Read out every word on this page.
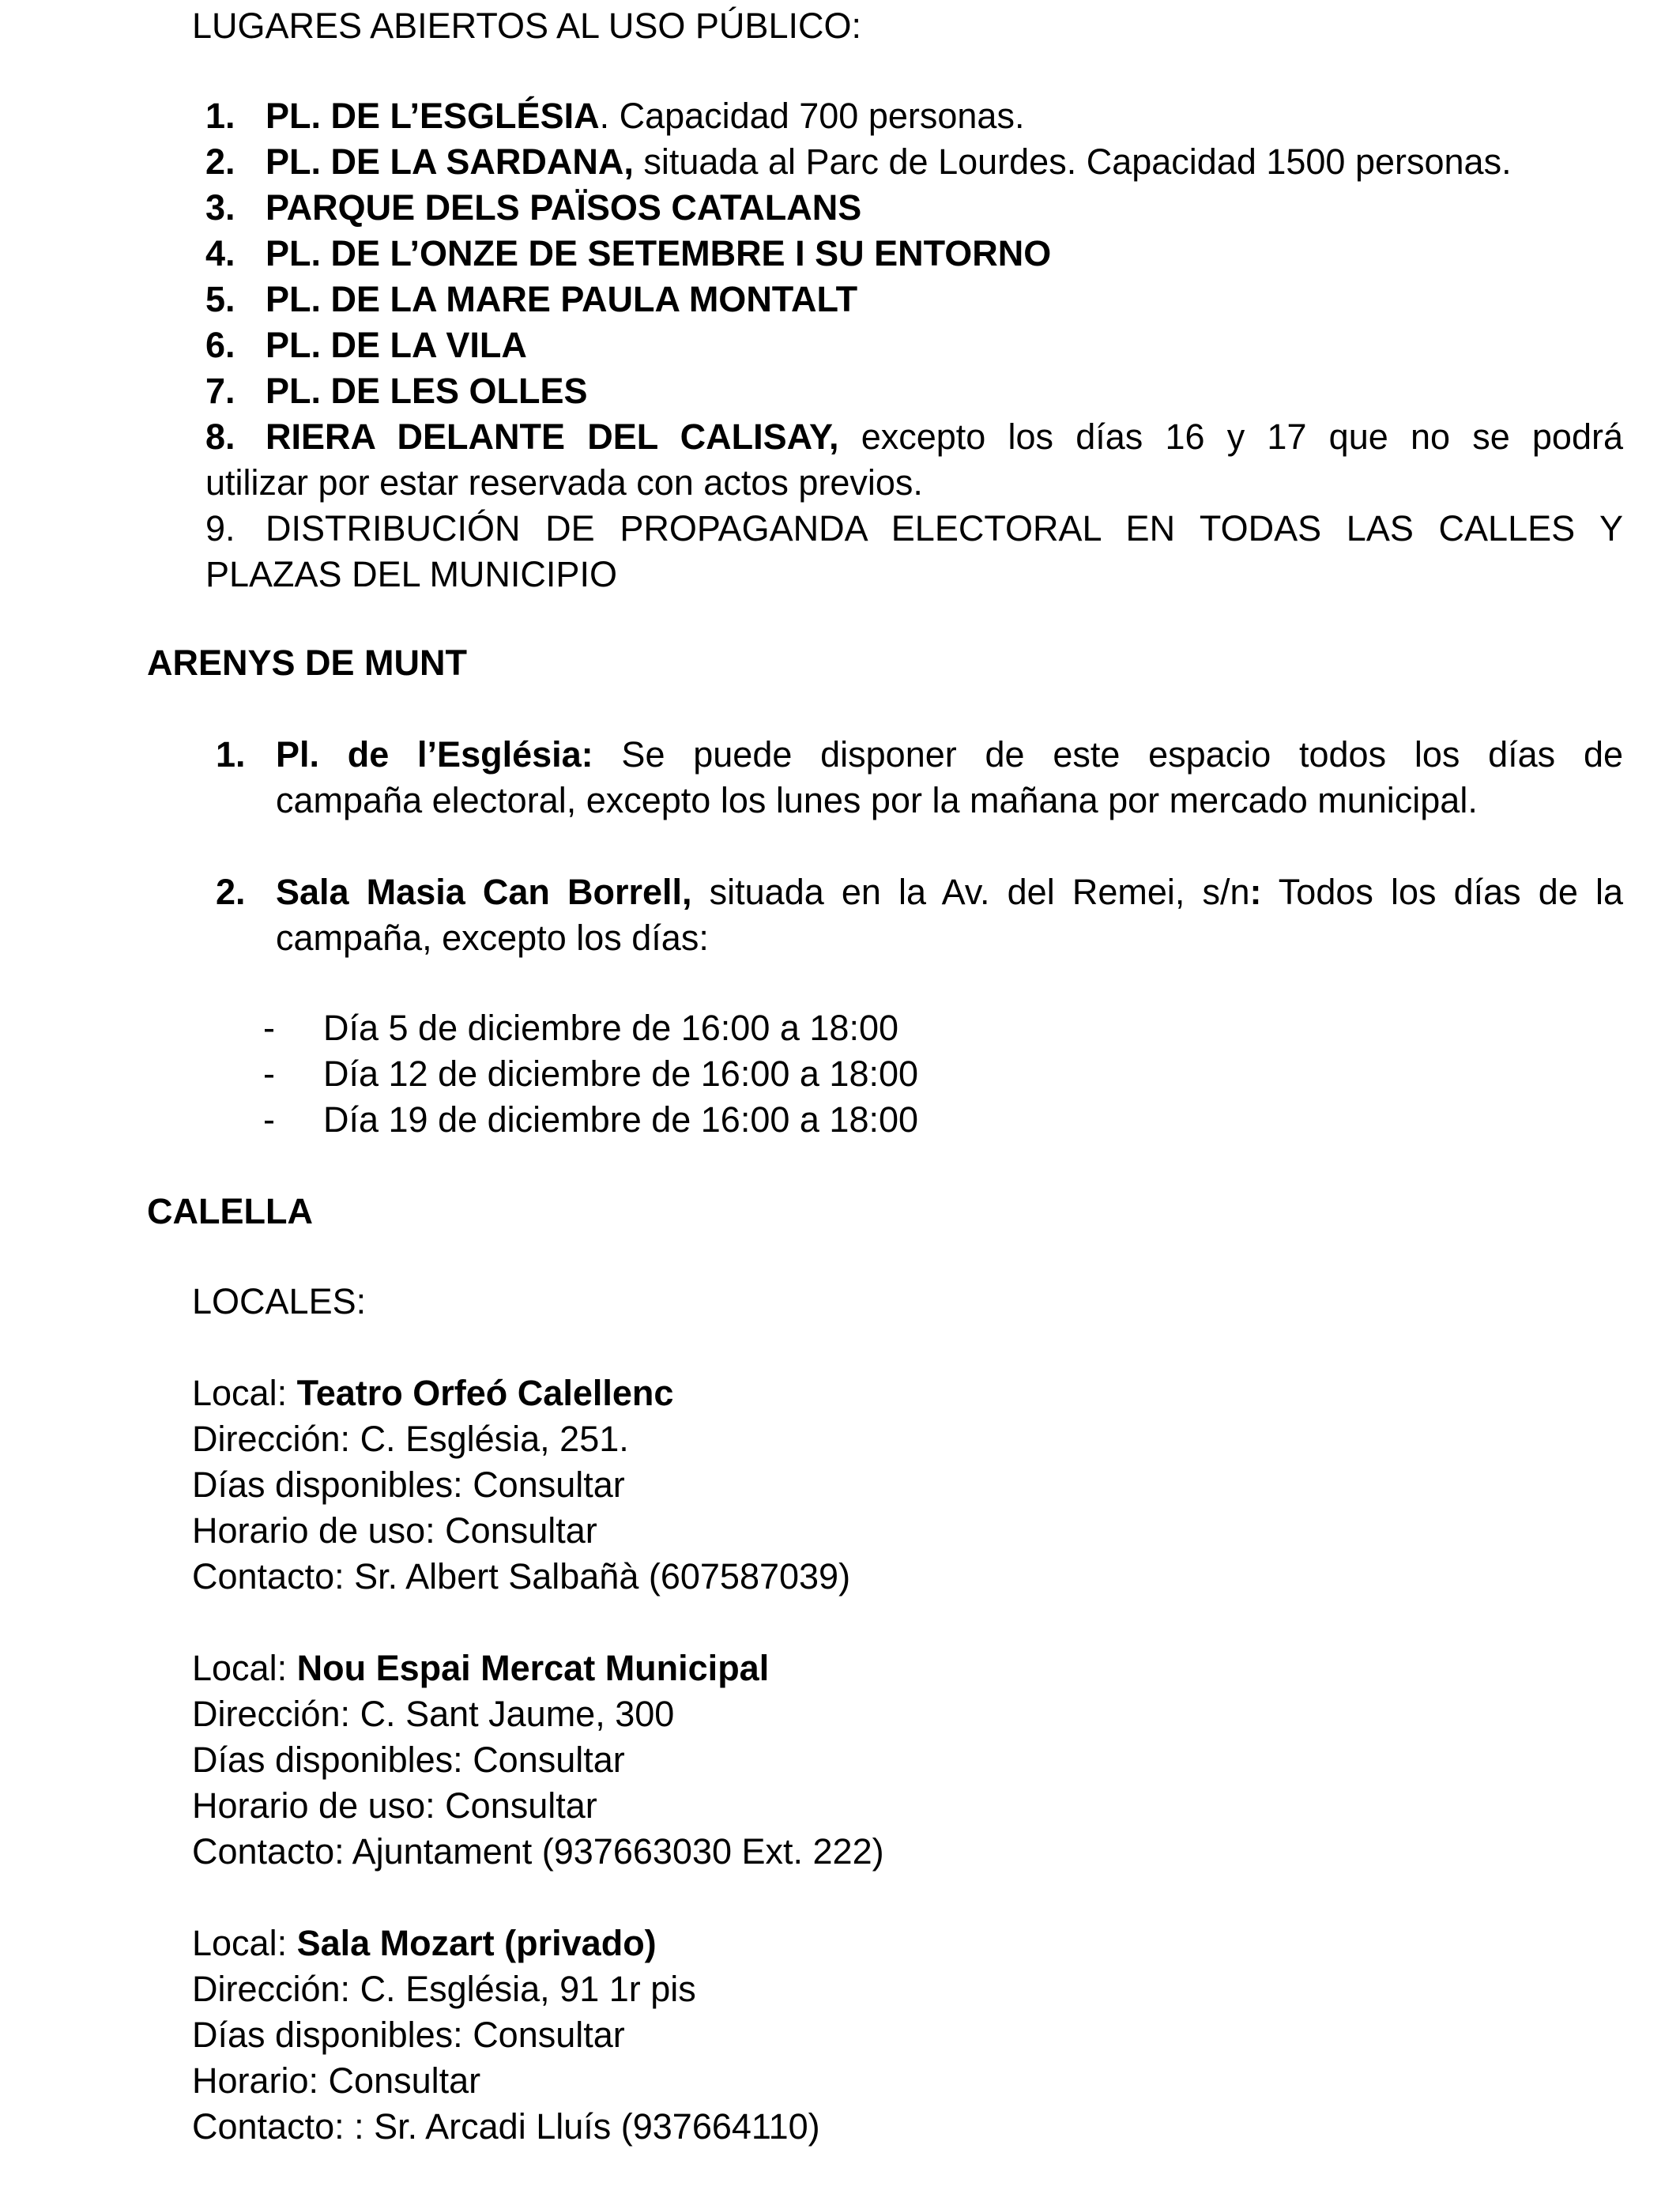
LUGARES ABIERTOS AL USO PÚBLICO:

1. PL. DE L’ESGLÉSIA. Capacidad 700 personas.

2. PL. DE LA SARDANA, situada al Parc de Lourdes. Capacidad 1500 personas.

3. PARQUE DELS PAÏSOS CATALANS

4. PL. DE L’ONZE DE SETEMBRE I SU ENTORNO

5. PL. DE LA MARE PAULA MONTALT

6. PL. DE LA VILA

7. PL. DE LES OLLES

8. RIERA DELANTE DEL CALISAY, excepto los días 16 y 17 que no se podrá

utilizar por estar reservada con actos previos.

9. DISTRIBUCIÓN DE PROPAGANDA ELECTORAL EN TODAS LAS CALLES Y

PLAZAS DEL MUNICIPIO

ARENYS DE MUNT

1. Pl. de l’Església: Se puede disponer de este espacio todos los días de

campaña electoral, excepto los lunes por la mañana por mercado municipal.

2. Sala Masia Can Borrell, situada en la Av. del Remei, s/n: Todos los días de la

campaña, excepto los días:

- Día 5 de diciembre de 16:00 a 18:00

- Día 12 de diciembre de 16:00 a 18:00

- Día 19 de diciembre de 16:00 a 18:00

CALELLA

LOCALES:

Local: Teatro Orfeó Calellenc

Dirección: C. Església, 251.

Días disponibles: Consultar

Horario de uso: Consultar

Contacto: Sr. Albert Salbañà (607587039)

Local: Nou Espai Mercat Municipal

Dirección: C. Sant Jaume, 300

Días disponibles: Consultar

Horario de uso: Consultar

Contacto: Ajuntament (937663030 Ext. 222)

Local: Sala Mozart (privado)

Dirección: C. Església, 91 1r pis

Días disponibles: Consultar

Horario: Consultar

Contacto: : Sr. Arcadi Lluís (937664110)
